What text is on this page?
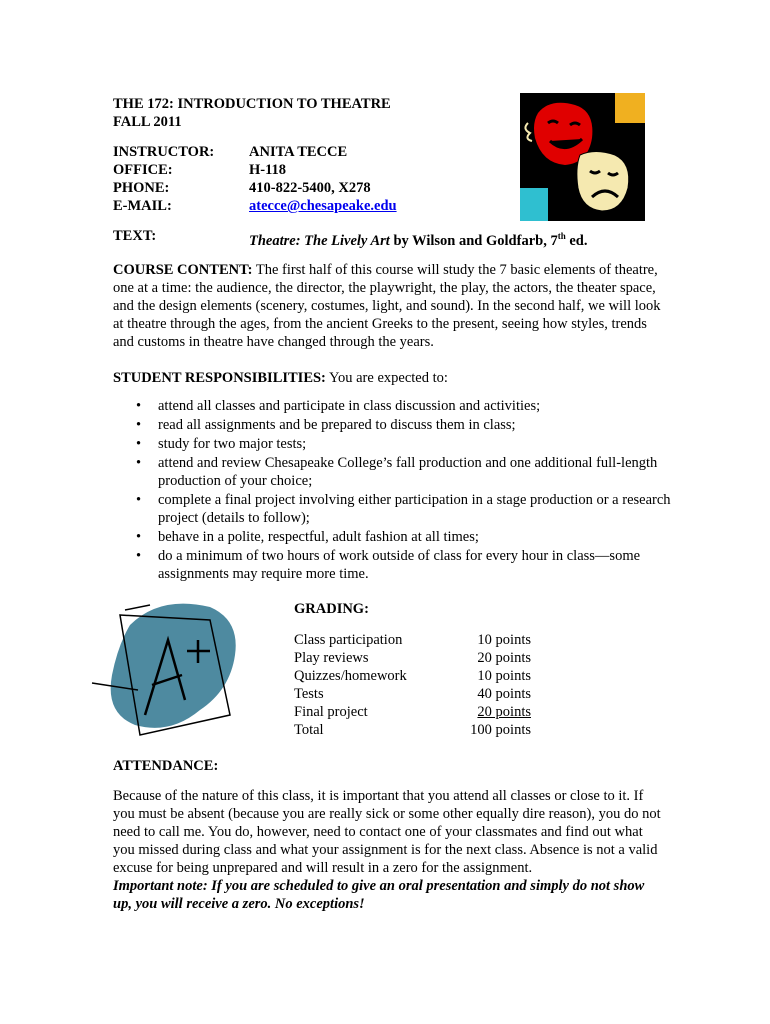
THE 172: INTRODUCTION TO THEATRE
FALL 2011
INSTRUCTOR: ANITA TECCE
OFFICE:	H-118
PHONE:	410-822-5400, X278
E-MAIL:	atecce@chesapeake.edu
TEXT:	Theatre: The Lively Art by Wilson and Goldfarb, 7th ed.
COURSE CONTENT: The first half of this course will study the 7 basic elements of theatre, one at a time: the audience, the director, the playwright, the play, the actors, the theater space, and the design elements (scenery, costumes, light, and sound). In the second half, we will look at theatre through the ages, from the ancient Greeks to the present, seeing how styles, trends and customs in theatre have changed through the years.
STUDENT RESPONSIBILITIES: You are expected to:
• attend all classes and participate in class discussion and activities;
• read all assignments and be prepared to discuss them in class;
• study for two major tests;
• attend and review Chesapeake College’s fall production and one additional full-length production of your choice;
• complete a final project involving either participation in a stage production or a research project (details to follow);
• behave in a polite, respectful, adult fashion at all times;
• do a minimum of two hours of work outside of class for every hour in class—some assignments may require more time.
GRADING:
Class participation	10 points
Play reviews	20 points
Quizzes/homework	10 points
Tests	40 points
Final project	20 points
Total	100 points
ATTENDANCE:
Because of the nature of this class, it is important that you attend all classes or close to it. If you must be absent (because you are really sick or some other equally dire reason), you do not need to call me. You do, however, need to contact one of your classmates and find out what you missed during class and what your assignment is for the next class. Absence is not a valid excuse for being unprepared and will result in a zero for the assignment.
Important note: If you are scheduled to give an oral presentation and simply do not show up, you will receive a zero. No exceptions!
